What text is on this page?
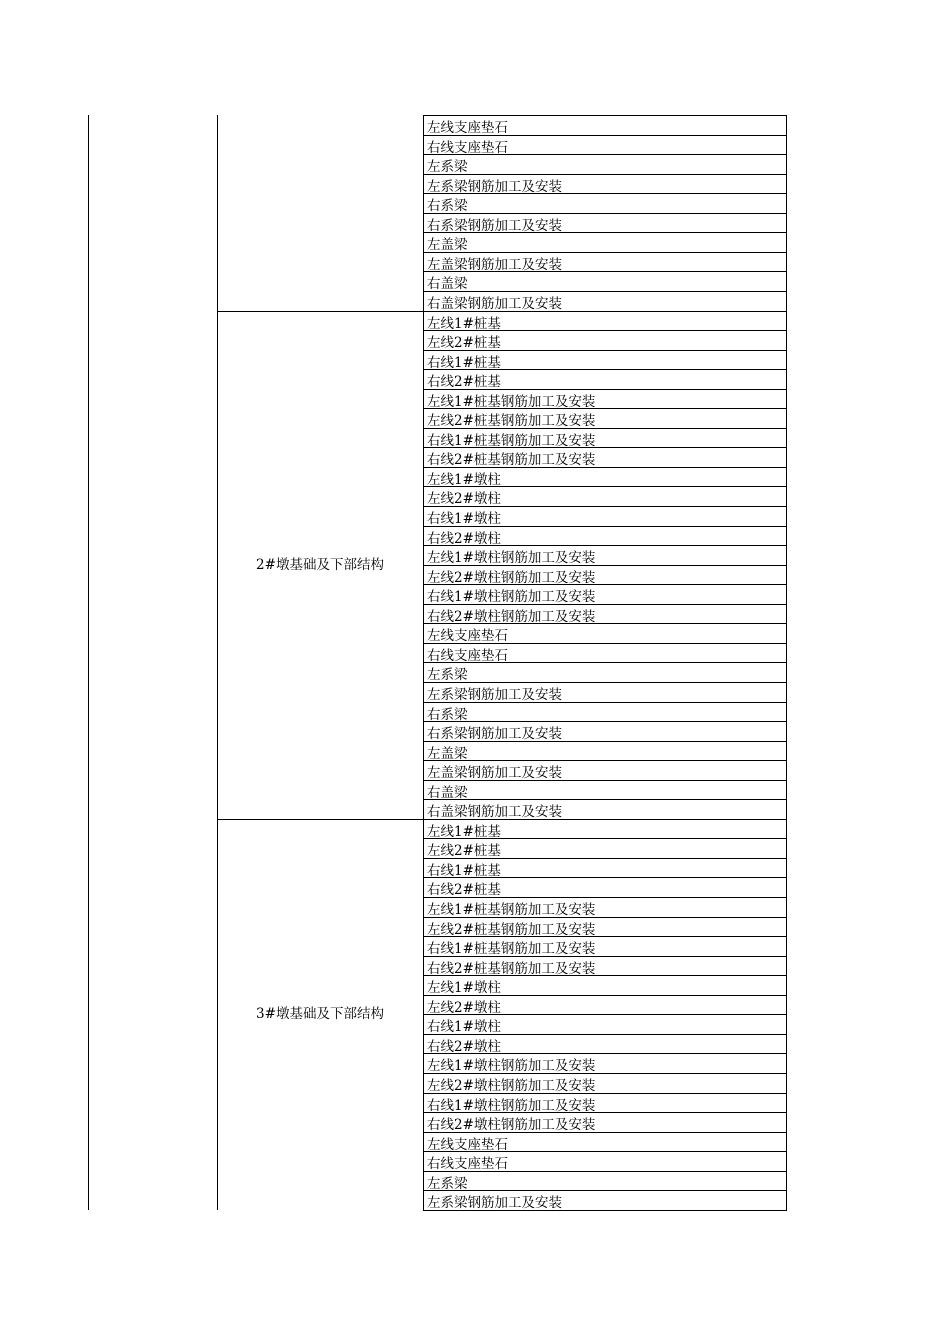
左线支座垫石
右线支座垫石
左系梁
左系梁钢筋加工及安装
右系梁
右系梁钢筋加工及安装
左盖梁
左盖梁钢筋加工及安装
右盖梁
右盖梁钢筋加工及安装
左线1#桩基
左线2#桩基
右线1#桩基
右线2#桩基
左线1#桩基钢筋加工及安装
左线2#桩基钢筋加工及安装
右线1#桩基钢筋加工及安装
右线2#桩基钢筋加工及安装
左线1#墩柱
左线2#墩柱
右线1#墩柱
右线2#墩柱
左线1#墩柱钢筋加工及安装
左线2#墩柱钢筋加工及安装
右线1#墩柱钢筋加工及安装
右线2#墩柱钢筋加工及安装
左线支座垫石
右线支座垫石
左系梁
左系梁钢筋加工及安装
右系梁
右系梁钢筋加工及安装
左盖梁
左盖梁钢筋加工及安装
右盖梁
右盖梁钢筋加工及安装
2#墩基础及下部结构
左线1#桩基
左线2#桩基
右线1#桩基
右线2#桩基
左线1#桩基钢筋加工及安装
左线2#桩基钢筋加工及安装
右线1#桩基钢筋加工及安装
右线2#桩基钢筋加工及安装
左线1#墩柱
左线2#墩柱
右线1#墩柱
右线2#墩柱
左线1#墩柱钢筋加工及安装
左线2#墩柱钢筋加工及安装
右线1#墩柱钢筋加工及安装
右线2#墩柱钢筋加工及安装
左线支座垫石
右线支座垫石
左系梁
左系梁钢筋加工及安装
3#墩基础及下部结构
